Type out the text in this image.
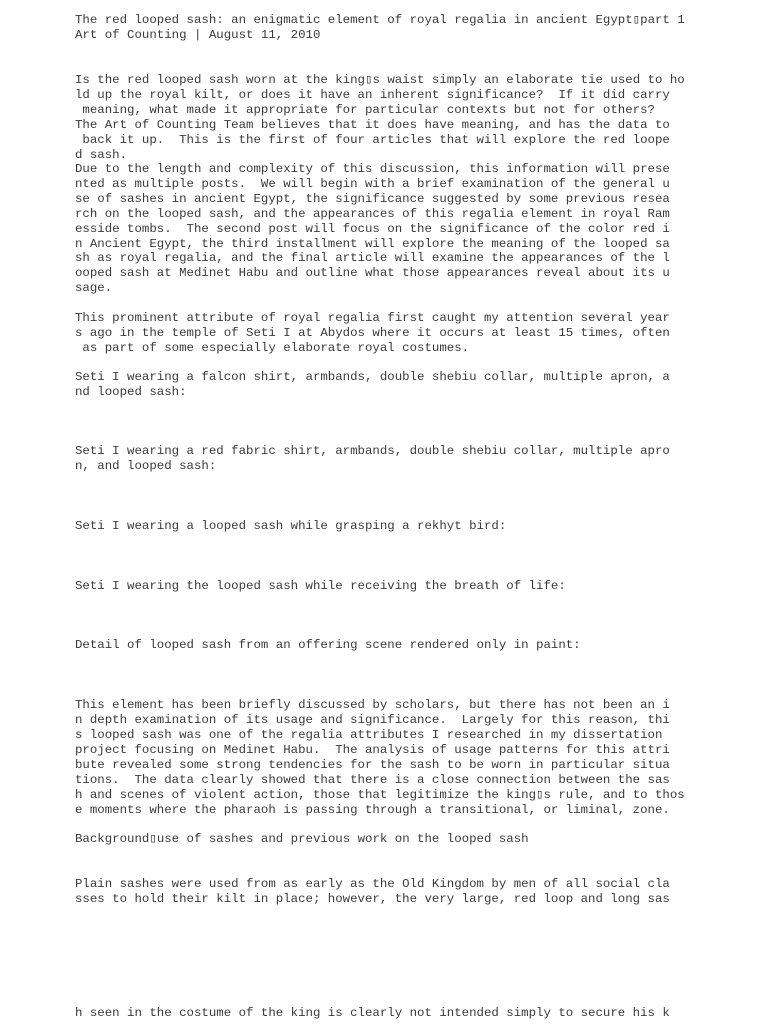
The red looped sash: an enigmatic element of royal regalia in ancient Egypt▯part 1
Art of Counting | August 11, 2010
Is the red looped sash worn at the king▯s waist simply an elaborate tie used to ho
ld up the royal kilt, or does it have an inherent significance?  If it did carry
meaning, what made it appropriate for particular contexts but not for others?
The Art of Counting Team believes that it does have meaning, and has the data to
back it up.  This is the first of four articles that will explore the red loope
d sash.
Due to the length and complexity of this discussion, this information will prese
nted as multiple posts.  We will begin with a brief examination of the general u
se of sashes in ancient Egypt, the significance suggested by some previous resea
rch on the looped sash, and the appearances of this regalia element in royal Ram
esside tombs.  The second post will focus on the significance of the color red i
n Ancient Egypt, the third installment will explore the meaning of the looped sa
sh as royal regalia, and the final article will examine the appearances of the l
ooped sash at Medinet Habu and outline what those appearances reveal about its u
sage.
This prominent attribute of royal regalia first caught my attention several year
s ago in the temple of Seti I at Abydos where it occurs at least 15 times, often
as part of some especially elaborate royal costumes.
Seti I wearing a falcon shirt, armbands, double shebiu collar, multiple apron, a
nd looped sash:
Seti I wearing a red fabric shirt, armbands, double shebiu collar, multiple apro
n, and looped sash:
Seti I wearing a looped sash while grasping a rekhyt bird:
Seti I wearing the looped sash while receiving the breath of life:
Detail of looped sash from an offering scene rendered only in paint:
This element has been briefly discussed by scholars, but there has not been an i
n depth examination of its usage and significance.  Largely for this reason, thi
s looped sash was one of the regalia attributes I researched in my dissertation
project focusing on Medinet Habu.  The analysis of usage patterns for this attri
bute revealed some strong tendencies for the sash to be worn in particular situa
tions.  The data clearly showed that there is a close connection between the sas
h and scenes of violent action, those that legitimize the king▯s rule, and to thos
e moments where the pharaoh is passing through a transitional, or liminal, zone.
Background▯use of sashes and previous work on the looped sash
Plain sashes were used from as early as the Old Kingdom by men of all social cla
sses to hold their kilt in place; however, the very large, red loop and long sas
h seen in the costume of the king is clearly not intended simply to secure his k
